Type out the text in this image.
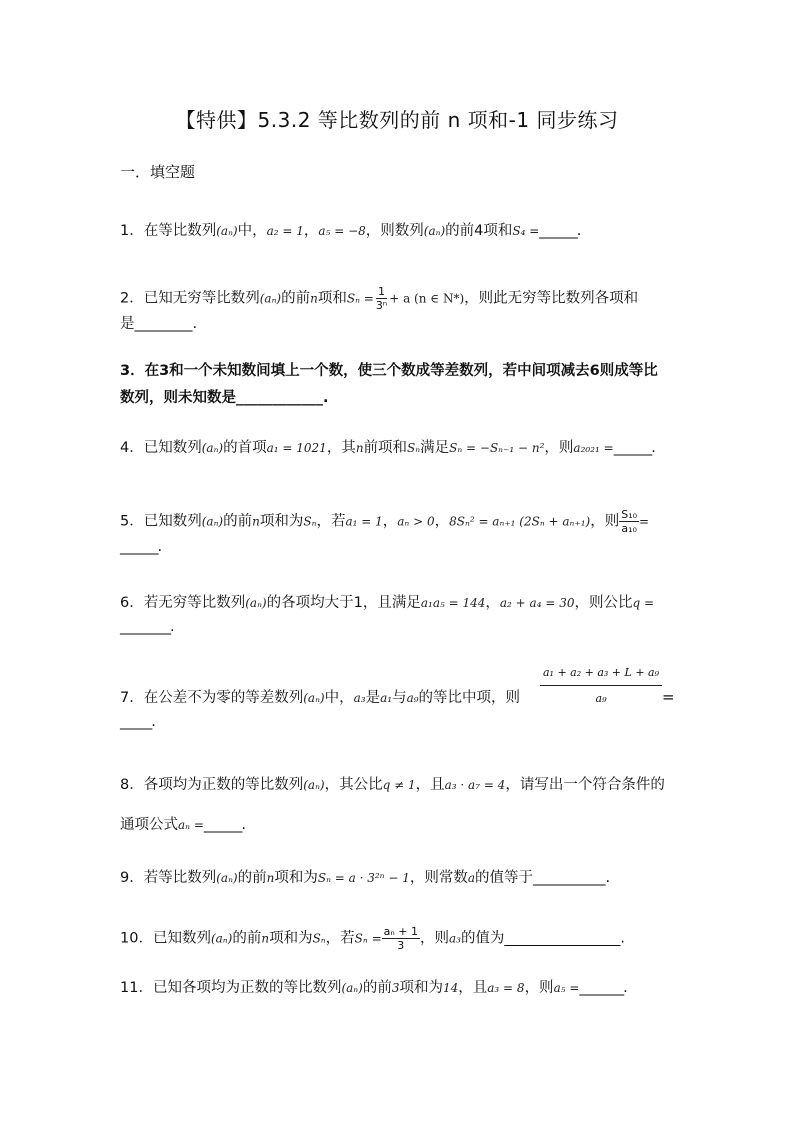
【特供】5.3.2 等比数列的前 n 项和-1 同步练习
一．填空题
1．在等比数列(aₙ)中，a₂ = 1，a₅ = −8，则数列(aₙ)的前4项和S₄ =______.
2．已知无穷等比数列(aₙ)的前n项和$S_n = \frac{1}{\text{3ⁿ}} + a$ (n ∈ N*)，则此无穷等比数列各项和
是________.
3．在3和一个未知数间填上一个数，使三个数成等差数列，若中间项减去6则成等比
数列，则未知数是____________.
4．已知数列(aₙ)的首项a₁ = 1021，其n前项和Sₙ满足Sₙ = −Sₙ₋₁ − n²，则a₂₀₂₁ =______.
5．已知数列(aₙ)的前n项和为Sₙ，若a₁ = 1，aₙ > 0，8Sₙ² = aₙ₊₁ (2Sₙ + aₙ₊₁)，则 $\frac{\text{S₁₀}}{\text{a₁₀}}$ =
______.
6．若无穷等比数列(aₙ)的各项均大于1，且满足a₁a₅ = 144，a₂ + a₄ = 30，则公比q =
________.
7．在公差不为零的等差数列(aₙ)中，a₃是a₁与a₉的等比中项，则
_____.
$\frac{\text{a₁ + a₂ + a₃ + L + a₉}}{\text{a₉}}$ =
8．各项均为正数的等比数列(aₙ)，其公比q ≠ 1，且a₃ · a₇ = 4，请写出一个符合条件的
通项公式aₙ =______.
9．若等比数列(aₙ)的前n项和为Sₙ = a · 3²ⁿ − 1，则常数a的值等于__________.
10．已知数列(aₙ)的前n项和为Sₙ，若$S_n = \frac{\text{aₙ + 1}}{3}$ ，则a₃的值为________________.
11．已知各项均为正数的等比数列(aₙ)的前3项和为14，且a₃ = 8，则a₅ =_______.
